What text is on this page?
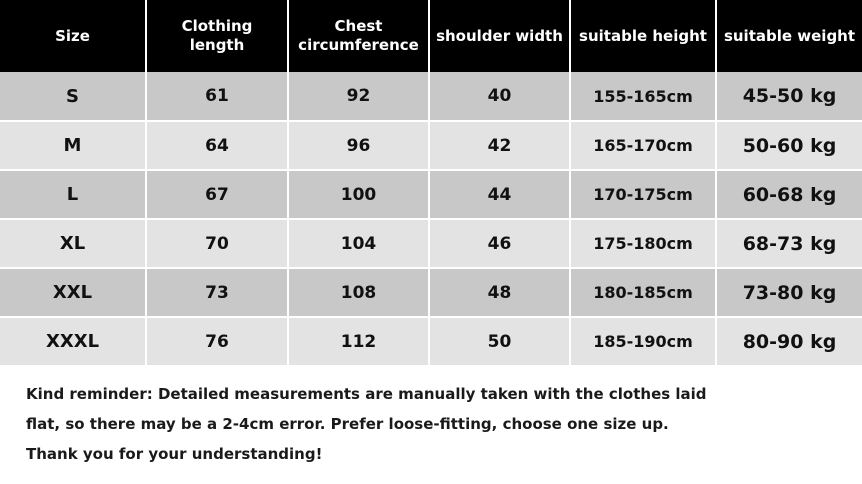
Size	Clothing length	Chest circumference	shoulder width	suitable height	suitable weight
S	61	92	40	155-165cm	45-50 kg
M	64	96	42	165-170cm	50-60 kg
L	67	100	44	170-175cm	60-68 kg
XL	70	104	46	175-180cm	68-73 kg
XXL	73	108	48	180-185cm	73-80 kg
XXXL	76	112	50	185-190cm	80-90 kg
Kind reminder: Detailed measurements are manually taken with the clothes laid
flat, so there may be a 2-4cm error. Prefer loose-fitting, choose one size up.
Thank you for your understanding!
